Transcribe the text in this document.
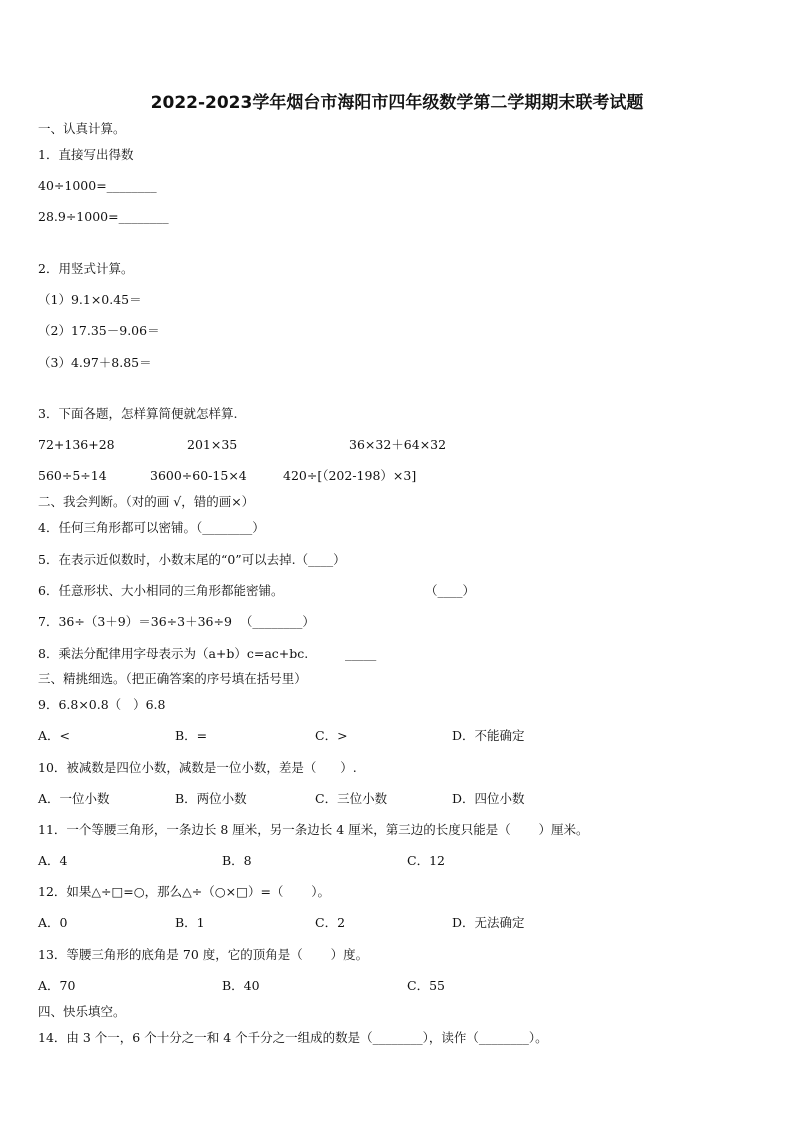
2022-2023学年烟台市海阳市四年级数学第二学期期末联考试题
一、认真计算。
1．直接写出得数
40÷1000=________
28.9÷1000=________
2．用竖式计算。
（1）9.1×0.45＝
（2）17.35－9.06＝
（3）4.97＋8.85＝
3．下面各题，怎样算简便就怎样算.
72+136+28	201×35	36×32＋64×32
560÷5÷14	3600÷60-15×4	420÷[（202-198）×3]
二、我会判断。（对的画 √，错的画×）
4．任何三角形都可以密铺。（________）
5．在表示近似数时，小数末尾的“0”可以去掉.（____）
6．任意形状、大小相同的三角形都能密铺。	（____）
7．36÷（3＋9）＝36÷3＋36÷9  （________）
8．乘法分配律用字母表示为（a+b）c=ac+bc.	_____
三、精挑细选。（把正确答案的序号填在括号里）
9．6.8×0.8（   ）6.8
A．<	B．=	C．>	D．不能确定
10．被减数是四位小数，减数是一位小数，差是（      ）.
A．一位小数	B．两位小数	C．三位小数	D．四位小数
11．一个等腰三角形，一条边长 8 厘米，另一条边长 4 厘米，第三边的长度只能是（       ）厘米。
A．4	B．8	C．12
12．如果△÷□=○，那么△÷（○×□）=（       ）。
A．0	B．1	C．2	D．无法确定
13．等腰三角形的底角是 70 度，它的顶角是（       ）度。
A．70	B．40	C．55
四、快乐填空。
14．由 3 个一，6 个十分之一和 4 个千分之一组成的数是（________），读作（________）。
